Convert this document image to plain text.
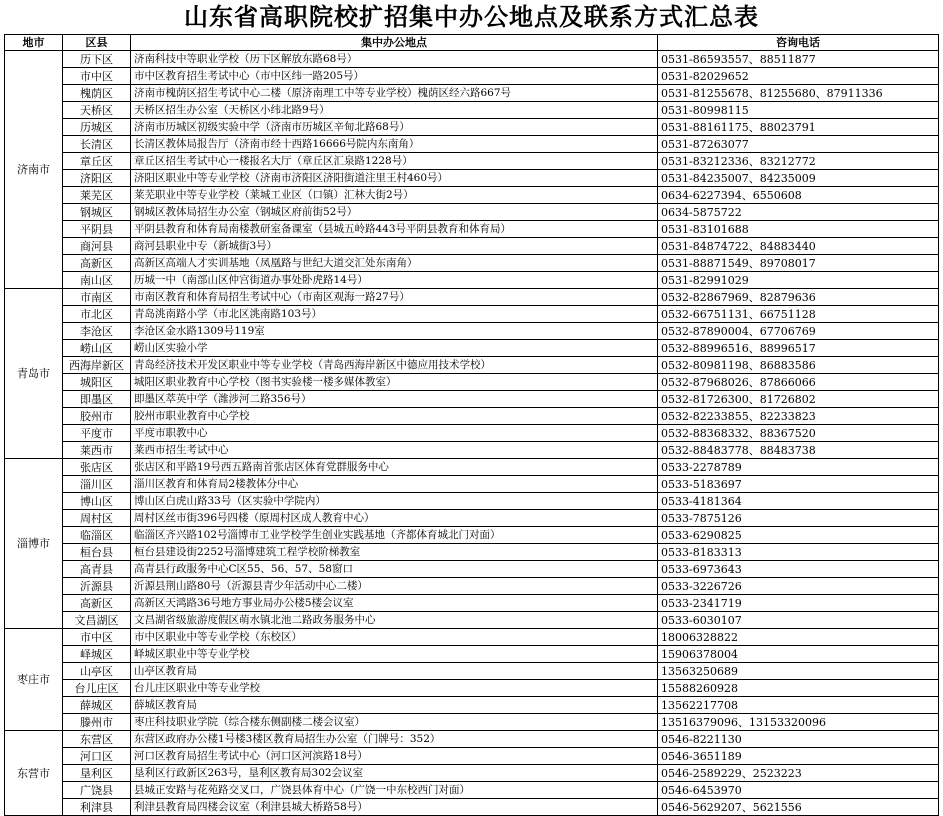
山东省高职院校扩招集中办公地点及联系方式汇总表
地市	区县	集中办公地点	咨询电话
济南市	历下区	济南科技中等职业学校（历下区解放东路68号）	0531-86593557、88511877
	市中区	市中区教育招生考试中心（市中区纬一路205号）	0531-82029652
	槐荫区	济南市槐荫区招生考试中心二楼（原济南理工中等专业学校）槐荫区经六路667号	0531-81255678、81255680、87911336
	天桥区	天桥区招生办公室（天桥区小纬北路9号）	0531-80998115
	历城区	济南市历城区初级实验中学（济南市历城区辛甸北路68号）	0531-88161175、88023791
	长清区	长清区教体局报告厅（济南市经十西路16666号院内东南角）	0531-87263077
	章丘区	章丘区招生考试中心一楼报名大厅（章丘区汇泉路1228号）	0531-83212336、83212772
	济阳区	济阳区职业中等专业学校（济南市济阳区济阳街道注里王村460号）	0531-84235007、84235009
	莱芜区	莱芜职业中等专业学校（莱城工业区（口镇）汇林大街2号）	0634-6227394、6550608
	钢城区	钢城区教体局招生办公室（钢城区府前街52号）	0634-5875722
	平阴县	平阴县教育和体育局南楼教研室备课室（县城五岭路443号平阴县教育和体育局）	0531-83101688
	商河县	商河县职业中专（新城街3号）	0531-84874722、84883440
	高新区	高新区高端人才实训基地（凤凰路与世纪大道交汇处东南角）	0531-88871549、89708017
	南山区	历城一中（南部山区仲宫街道办事处卧虎路14号）	0531-82991029
青岛市	市南区	市南区教育和体育局招生考试中心（市南区观海一路27号）	0532-82867969、82879636
	市北区	青岛洮南路小学（市北区洮南路103号）	0532-66751131、66751128
	李沧区	李沧区金水路1309号119室	0532-87890004、67706769
	崂山区	崂山区实验小学	0532-88996516、88996517
	西海岸新区	青岛经济技术开发区职业中等专业学校（青岛西海岸新区中德应用技术学校）	0532-80981198、86883586
	城阳区	城阳区职业教育中心学校（图书实验楼一楼多媒体教室）	0532-87968026、87866066
	即墨区	即墨区萃英中学（潍涉河二路356号）	0532-81726300、81726802
	胶州市	胶州市职业教育中心学校	0532-82233855、82233823
	平度市	平度市职教中心	0532-88368332、88367520
	莱西市	莱西市招生考试中心	0532-88483778、88483738
淄博市	张店区	张店区和平路19号西五路南首张店区体育党群服务中心	0533-2278789
	淄川区	淄川区教育和体育局2楼教体分中心	0533-5183697
	博山区	博山区白虎山路33号（区实验中学院内）	0533-4181364
	周村区	周村区丝市街396号四楼（原周村区成人教育中心）	0533-7875126
	临淄区	临淄区齐兴路102号淄博市工业学校学生创业实践基地（齐都体育城北门对面）	0533-6290825
	桓台县	桓台县建设街2252号淄博建筑工程学校阶梯教室	0533-8183313
	高青县	高青县行政服务中心C区55、56、57、58窗口	0533-6973643
	沂源县	沂源县荆山路80号（沂源县青少年活动中心二楼）	0533-3226726
	高新区	高新区天鸿路36号地方事业局办公楼5楼会议室	0533-2341719
	文昌湖区	文昌湖省级旅游度假区萌水镇北池二路政务服务中心	0533-6030107
枣庄市	市中区	市中区职业中等专业学校（东校区）	18006328822
	峄城区	峄城区职业中等专业学校	15906378004
	山亭区	山亭区教育局	13563250689
	台儿庄区	台儿庄区职业中等专业学校	15588260928
	薛城区	薛城区教育局	13562217708
	滕州市	枣庄科技职业学院（综合楼东侧副楼二楼会议室）	13516379096、13153320096
东营市	东营区	东营区政府办公楼1号楼3楼区教育局招生办公室（门牌号：352）	0546-8221130
	河口区	河口区教育局招生考试中心（河口区河滨路18号）	0546-3651189
	垦利区	垦利区行政新区263号，垦利区教育局302会议室	0546-2589229、2523223
	广饶县	县城正安路与花苑路交叉口，广饶县体育中心（广饶一中东校西门对面）	0546-6453970
	利津县	利津县教育局四楼会议室（利津县城大桥路58号）	0546-5629207、5621556
